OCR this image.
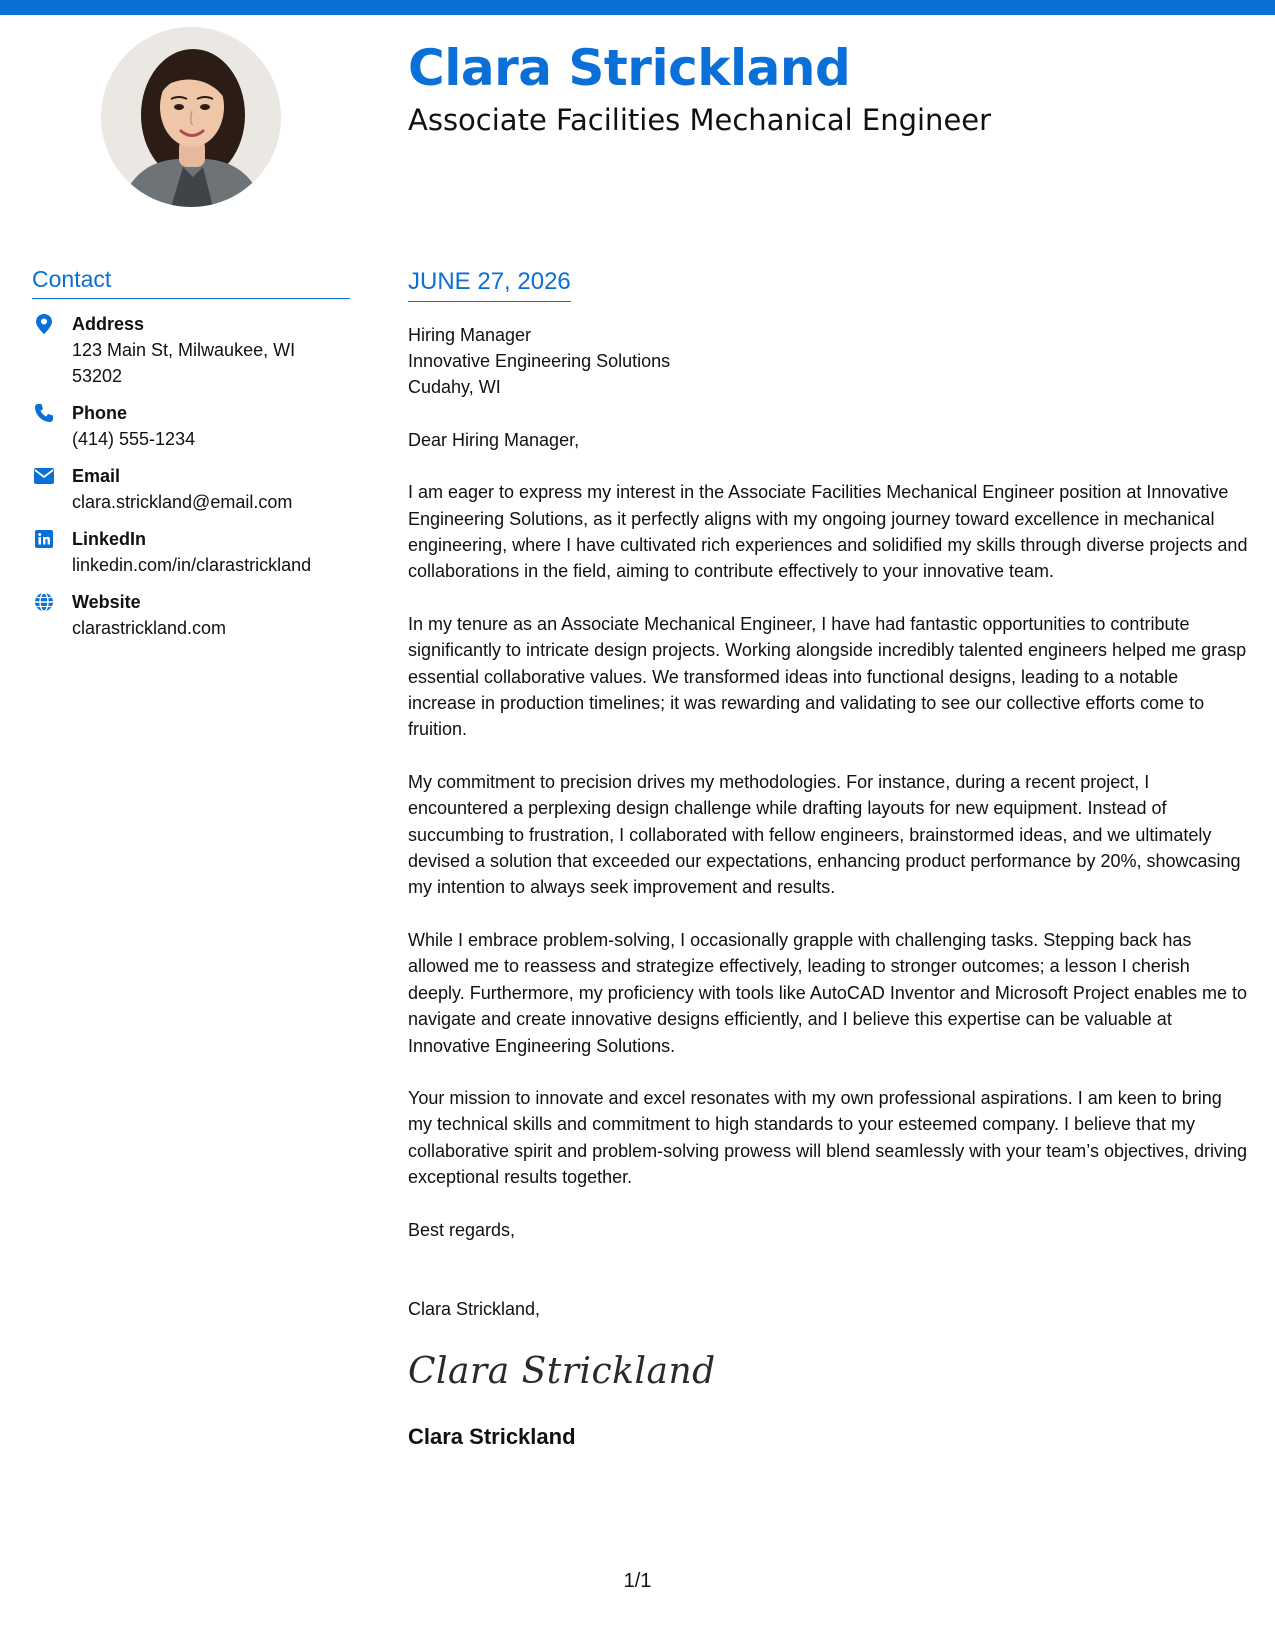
Clara Strickland
Associate Facilities Mechanical Engineer
Contact
Address
123 Main St, Milwaukee, WI 53202
Phone
(414) 555-1234
Email
clara.strickland@email.com
LinkedIn
linkedin.com/in/clarastrickland
Website
clarastrickland.com
JUNE 27, 2026
Hiring Manager
Innovative Engineering Solutions
Cudahy, WI
Dear Hiring Manager,

I am eager to express my interest in the Associate Facilities Mechanical Engineer position at Innovative Engineering Solutions, as it perfectly aligns with my ongoing journey toward excellence in mechanical engineering, where I have cultivated rich experiences and solidified my skills through diverse projects and collaborations in the field, aiming to contribute effectively to your innovative team.

In my tenure as an Associate Mechanical Engineer, I have had fantastic opportunities to contribute significantly to intricate design projects. Working alongside incredibly talented engineers helped me grasp essential collaborative values. We transformed ideas into functional designs, leading to a notable increase in production timelines; it was rewarding and validating to see our collective efforts come to fruition.

My commitment to precision drives my methodologies. For instance, during a recent project, I encountered a perplexing design challenge while drafting layouts for new equipment. Instead of succumbing to frustration, I collaborated with fellow engineers, brainstormed ideas, and we ultimately devised a solution that exceeded our expectations, enhancing product performance by 20%, showcasing my intention to always seek improvement and results.

While I embrace problem-solving, I occasionally grapple with challenging tasks. Stepping back has allowed me to reassess and strategize effectively, leading to stronger outcomes; a lesson I cherish deeply. Furthermore, my proficiency with tools like AutoCAD Inventor and Microsoft Project enables me to navigate and create innovative designs efficiently, and I believe this expertise can be valuable at Innovative Engineering Solutions.

Your mission to innovate and excel resonates with my own professional aspirations. I am keen to bring my technical skills and commitment to high standards to your esteemed company. I believe that my collaborative spirit and problem-solving prowess will blend seamlessly with your team’s objectives, driving exceptional results together.

Best regards,
Clara Strickland,
Clara Strickland
Clara Strickland
1/1
